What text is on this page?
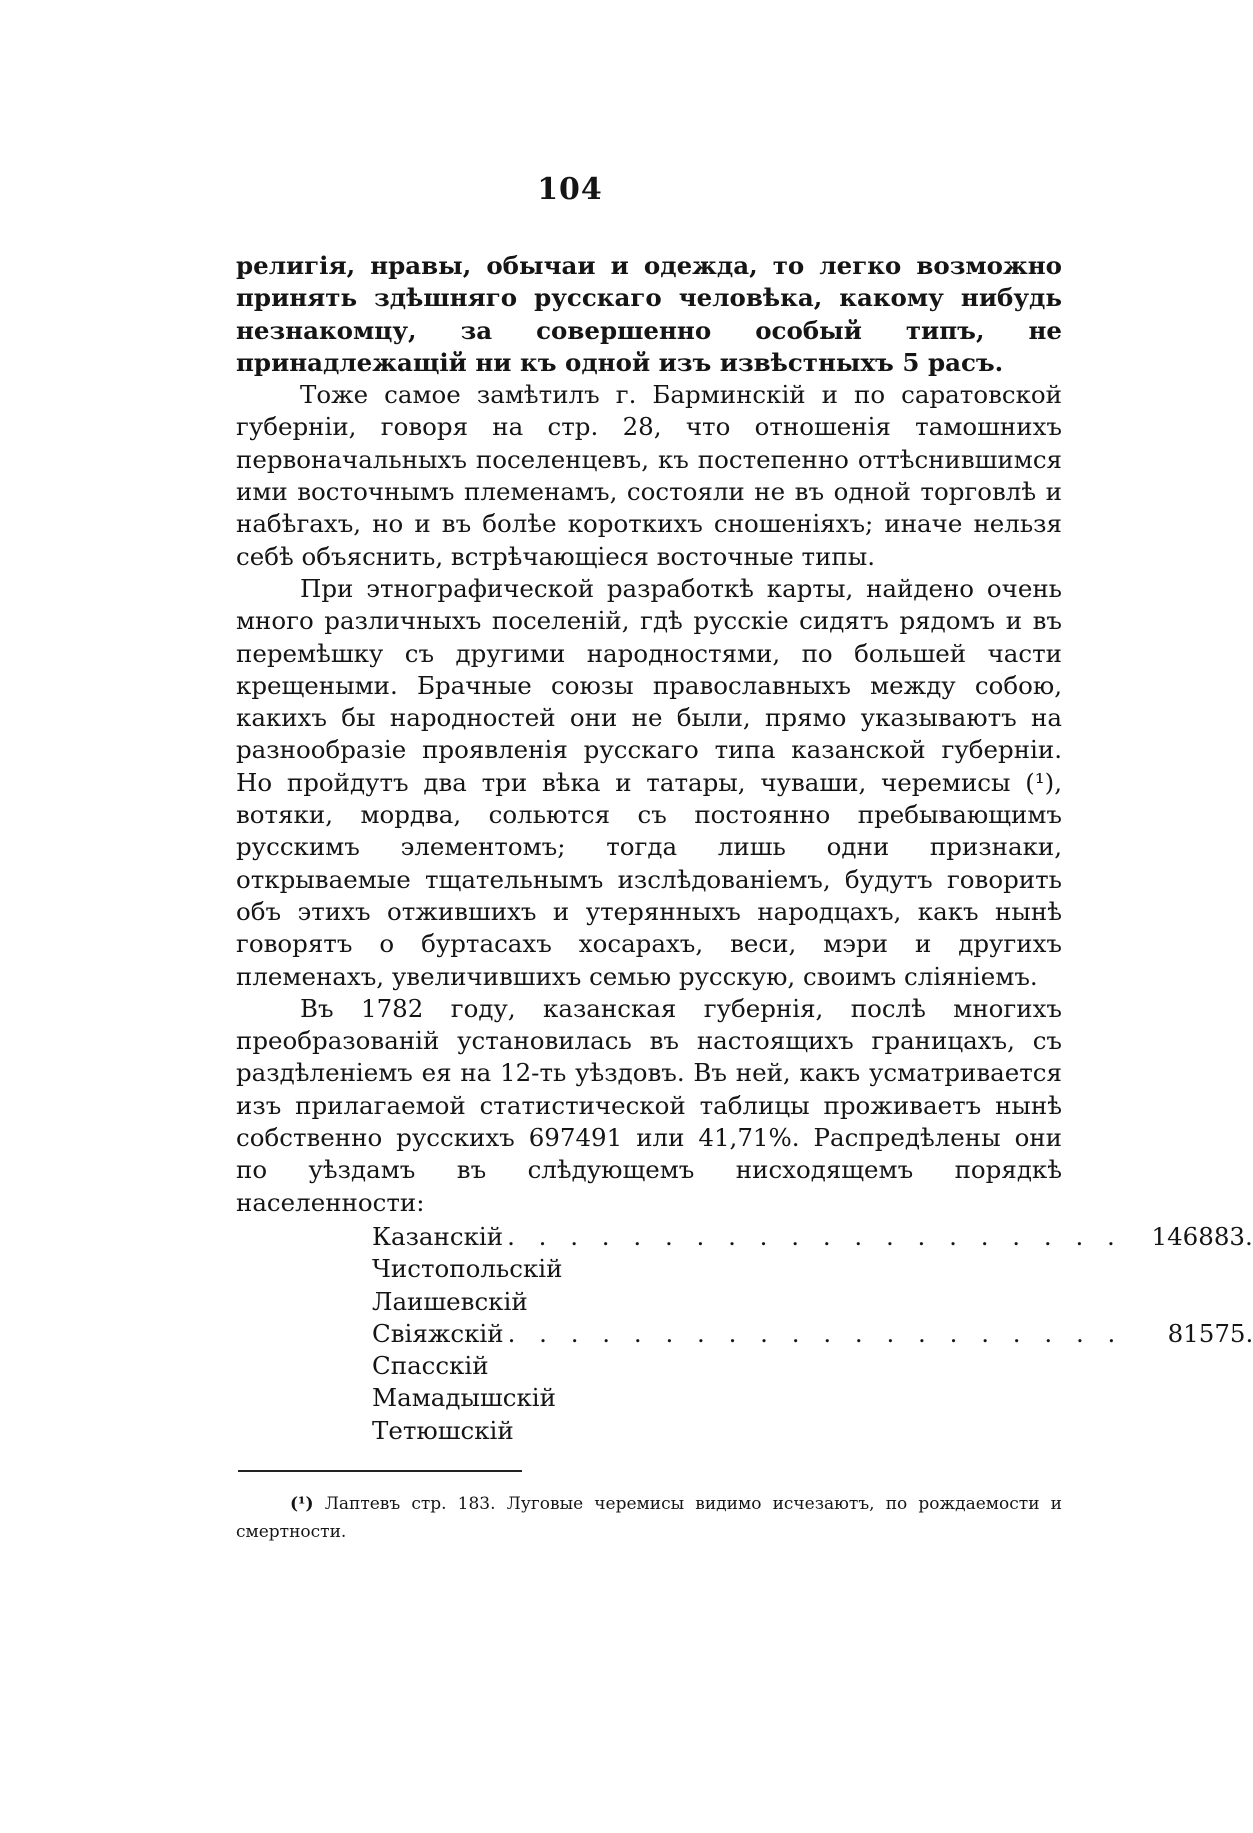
104

религія, нравы, обычаи и одежда, то легко возможно принять здѣшняго русскаго человѣка, какому нибудь незнакомцу, за совершенно особый типъ, не принадлежащій ни къ одной изъ извѣстныхъ 5 расъ.

Тоже самое замѣтилъ г. Барминскій и по саратовской губерніи, говоря на стр. 28, что отношенія тамошнихъ первоначальныхъ поселенцевъ, къ постепенно оттѣснившимся ими восточнымъ племенамъ, состояли не въ одной торговлѣ и набѣгахъ, но и въ болѣе короткихъ сношеніяхъ; иначе нельзя себѣ объяснить, встрѣчающіеся восточные типы.

При этнографической разработкѣ карты, найдено очень много различныхъ поселеній, гдѣ русскіе сидятъ рядомъ и въ перемѣшку съ другими народностями, по большей части крещеными. Брачные союзы православныхъ между собою, какихъ бы народностей они не были, прямо указываютъ на разнообразіе проявленія русскаго типа казанской губерніи. Но пройдутъ два три вѣка и татары, чуваши, черемисы (¹), вотяки, мордва, сольются съ постоянно пребывающимъ русскимъ элементомъ; тогда лишь одни признаки, открываемые тщательнымъ изслѣдованіемъ, будутъ говорить объ этихъ отжившихъ и утерянныхъ народцахъ, какъ нынѣ говорятъ о буртасахъ хоcарахъ, веси, мэри и другихъ племенахъ, увеличившихъ семью русскую, своимъ сліяніемъ.

Въ 1782 году, казанская губернія, послѣ многихъ преобразованій установилась въ настоящихъ границахъ, съ раздѣленіемъ ея на 12-ть уѣздовъ. Въ ней, какъ усматривается изъ прилагаемой статистической таблицы проживаетъ нынѣ собственно русскихъ 697491 или 41,71%. Распредѣлены они по уѣздамъ въ слѣдующемъ нисходящемъ порядкѣ населенности:

Казанскій . . . . . . . . . . . . . . . . . . . .	146883.
Чистопольскій
Лаишевскій
Свіяжскій . . . . . . . . . . . . . . . . . . . .	81575.
Спасскій
Мамадышскій
Тетюшскій
(¹) Лаптевъ стр. 183. Луговые черемисы видимо исчезаютъ, по рождаемости и смертности.
